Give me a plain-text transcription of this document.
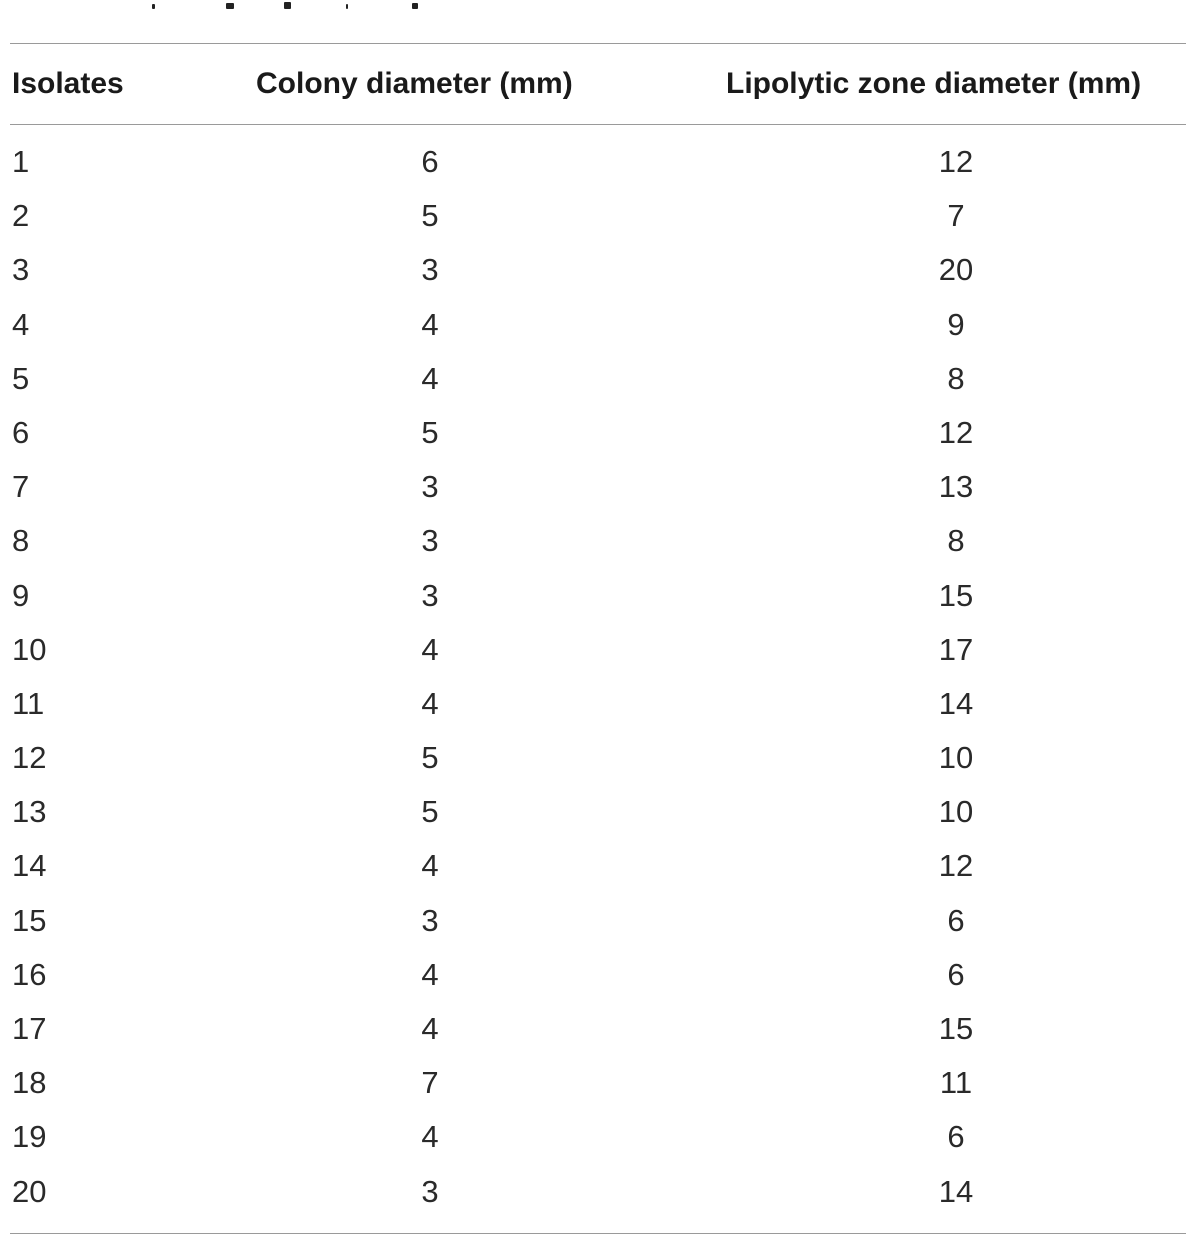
Isolates	Colony diameter (mm)	Lipolytic zone diameter (mm)
1	6	12
2	5	7
3	3	20
4	4	9
5	4	8
6	5	12
7	3	13
8	3	8
9	3	15
10	4	17
11	4	14
12	5	10
13	5	10
14	4	12
15	3	6
16	4	6
17	4	15
18	7	11
19	4	6
20	3	14
